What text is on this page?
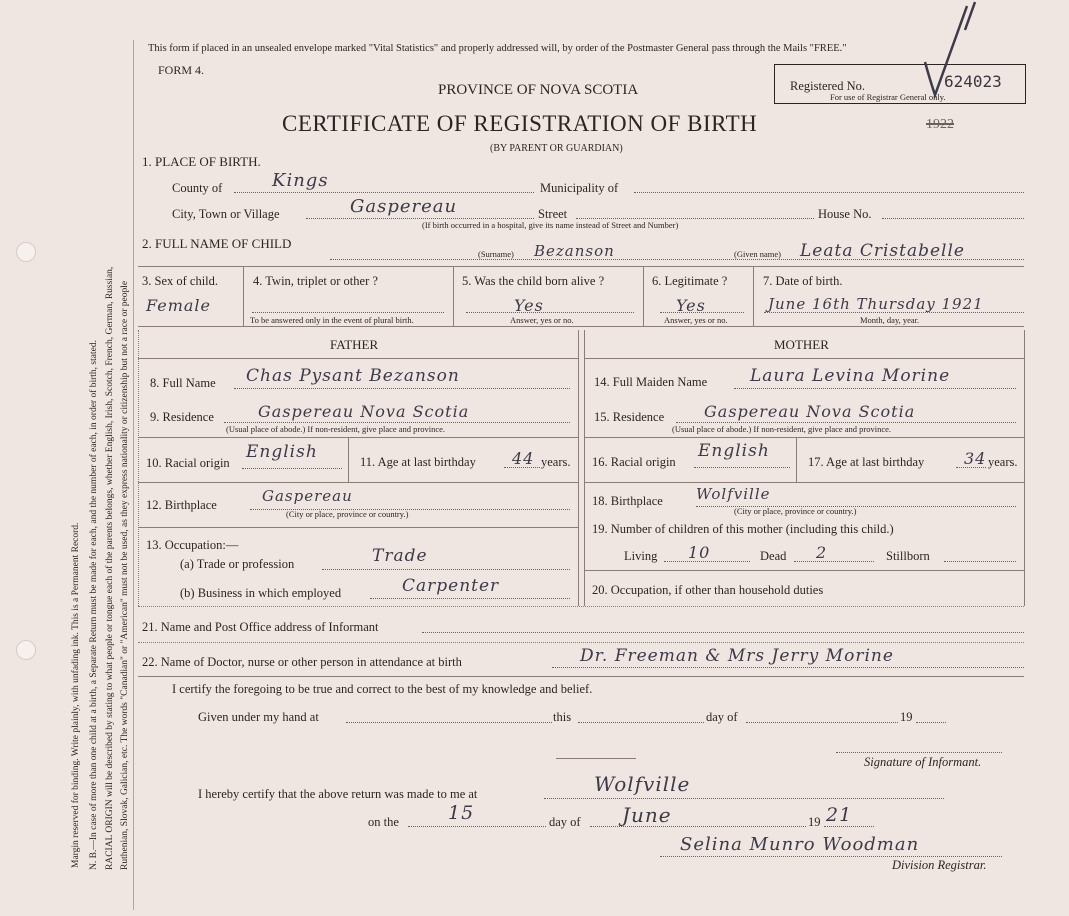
Margin reserved for binding. Write plainly, with unfading ink. This is a Permanent Record. N. B.—In case of more than one child at a birth, a Separate Return must be made for each, and the number of each, in order of birth, stated. RACIAL ORIGIN will be described by stating to what people or tongue each of the parents belongs, whether English, Irish, Scotch, French, German, Russian, Ruthenian, Slovak, Galician, etc. The words "Canadian" or "American" must not be used, as they express nationality or citizenship but not a race or people
This form if placed in an unsealed envelope marked "Vital Statistics" and properly addressed will, by order of the Postmaster General pass through the Mails "FREE."
FORM 4.
PROVINCE OF NOVA SCOTIA
CERTIFICATE OF REGISTRATION OF BIRTH
(BY PARENT OR GUARDIAN)
Registered No.	624023
For use of Registrar General only.
1922
1. PLACE OF BIRTH.
County of	Kings	Municipality of
City, Town or Village	Gaspereau	Street
(If birth occurred in a hospital, give its name instead of Street and Number)
House No.
2. FULL NAME OF CHILD
(Surname) Bezanson	(Given name) Leata Cristabelle
3. Sex of child.
Female
4. Twin, triplet or other ?
To be answered only in the event of plural birth.
5. Was the child born alive ?
Yes
Answer, yes or no.
6. Legitimate ?
Yes
Answer, yes or no.
7. Date of birth.
June 16th Thursday 1921
Month, day, year.
FATHER	MOTHER
8. Full Name Chas Pysant Bezanson
9. Residence	Gaspereau Nova Scotia
(Usual place of abode.) If non-resident, give place and province.
10. Racial origin
English	11. Age at last birthday 44 years.
12. Birthplace	Gaspereau
(City or place, province or country.)
13. Occupation:—
(a) Trade or profession	Trade
(b) Business in which employed	Carpenter
14. Full Maiden Name	Laura Levina Morine
15. Residence Gaspereau Nova Scotia
(Usual place of abode.) If non-resident, give place and province.
16. Racial origin
English
17. Age at last birthday 34 years.
18. Birthplace Wolfville
(City or place, province or country.)
19. Number of children of this mother (including this child.)
Living 10	Dead 2	Stillborn
20. Occupation, if other than household duties
21. Name and Post Office address of Informant
22. Name of Doctor, nurse or other person in attendance at birth	Dr. Freeman & Mrs Jerry Morine
I certify the foregoing to be true and correct to the best of my knowledge and belief.
Given under my hand at	this	day of	19
Signature of Informant.
I hereby certify that the above return was made to me at	Wolfville
on the	15	day of June	19 21
Selina Munro Woodman
Division Registrar.
